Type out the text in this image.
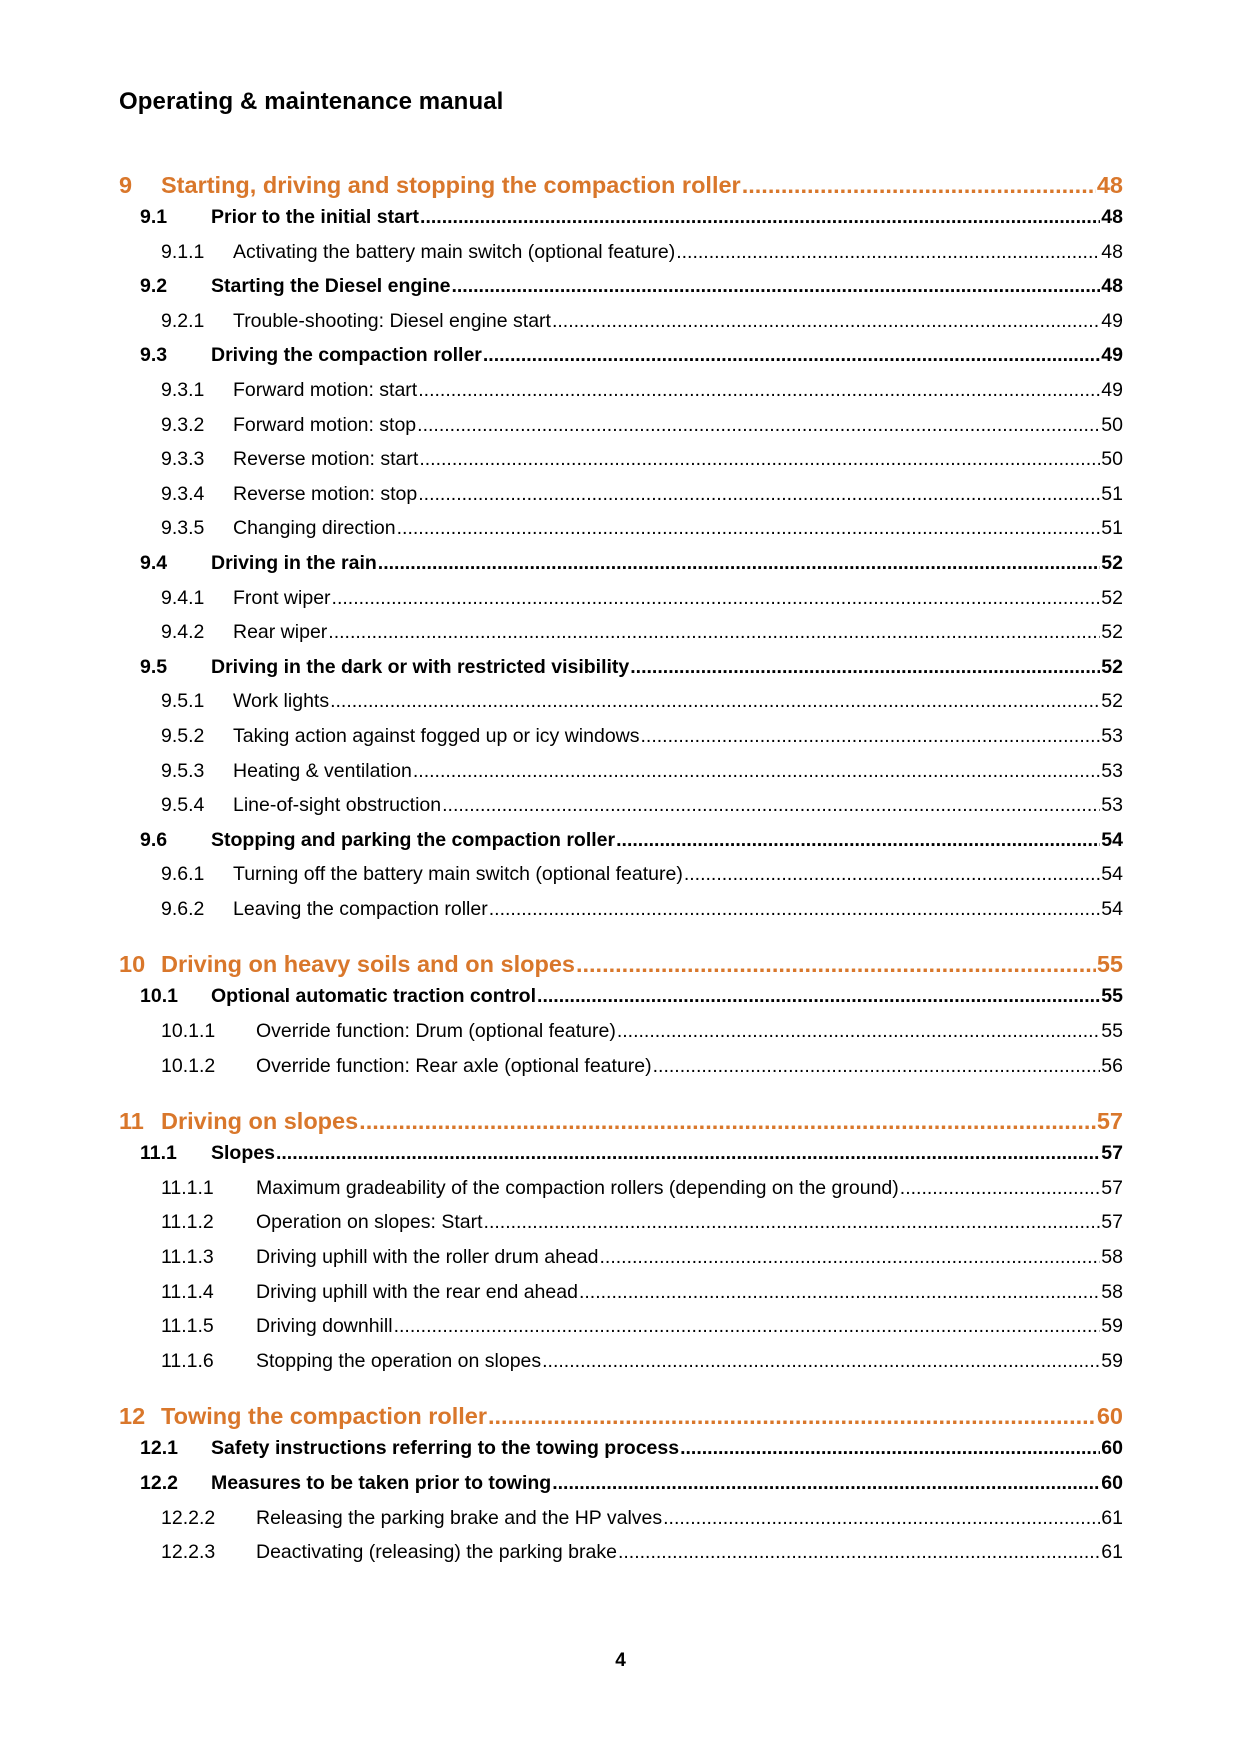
Operating & maintenance manual
9	Starting, driving and stopping the compaction roller .....	48
9.1	Prior to the initial start .....	48
9.1.1	Activating the battery main switch (optional feature) .....	48
9.2	Starting the Diesel engine .....	48
9.2.1	Trouble-shooting: Diesel engine start .....	49
9.3	Driving the compaction roller .....	49
9.3.1	Forward motion: start .....	49
9.3.2	Forward motion: stop .....	50
9.3.3	Reverse motion: start .....	50
9.3.4	Reverse motion: stop .....	51
9.3.5	Changing direction .....	51
9.4	Driving in the rain .....	52
9.4.1	Front wiper .....	52
9.4.2	Rear wiper .....	52
9.5	Driving in the dark or with restricted visibility .....	52
9.5.1	Work lights .....	52
9.5.2	Taking action against fogged up or icy windows .....	53
9.5.3	Heating & ventilation .....	53
9.5.4	Line-of-sight obstruction .....	53
9.6	Stopping and parking the compaction roller .....	54
9.6.1	Turning off the battery main switch (optional feature) .....	54
9.6.2	Leaving the compaction roller .....	54
10 Driving on heavy soils and on slopes .....	55
10.1	Optional automatic traction control .....	55
10.1.1	Override function: Drum (optional feature) .....	55
10.1.2	Override function: Rear axle (optional feature) .....	56
11 Driving on slopes .....	57
11.1	Slopes .....	57
11.1.1	Maximum gradeability of the compaction rollers (depending on the ground) .....	57
11.1.2	Operation on slopes: Start .....	57
11.1.3	Driving uphill with the roller drum ahead .....	58
11.1.4	Driving uphill with the rear end ahead .....	58
11.1.5	Driving downhill .....	59
11.1.6	Stopping the operation on slopes .....	59
12 Towing the compaction roller .....	60
12.1	Safety instructions referring to the towing process .....	60
12.2	Measures to be taken prior to towing .....	60
12.2.2	Releasing the parking brake and the HP valves .....	61
12.2.3	Deactivating (releasing) the parking brake .....	61
4
